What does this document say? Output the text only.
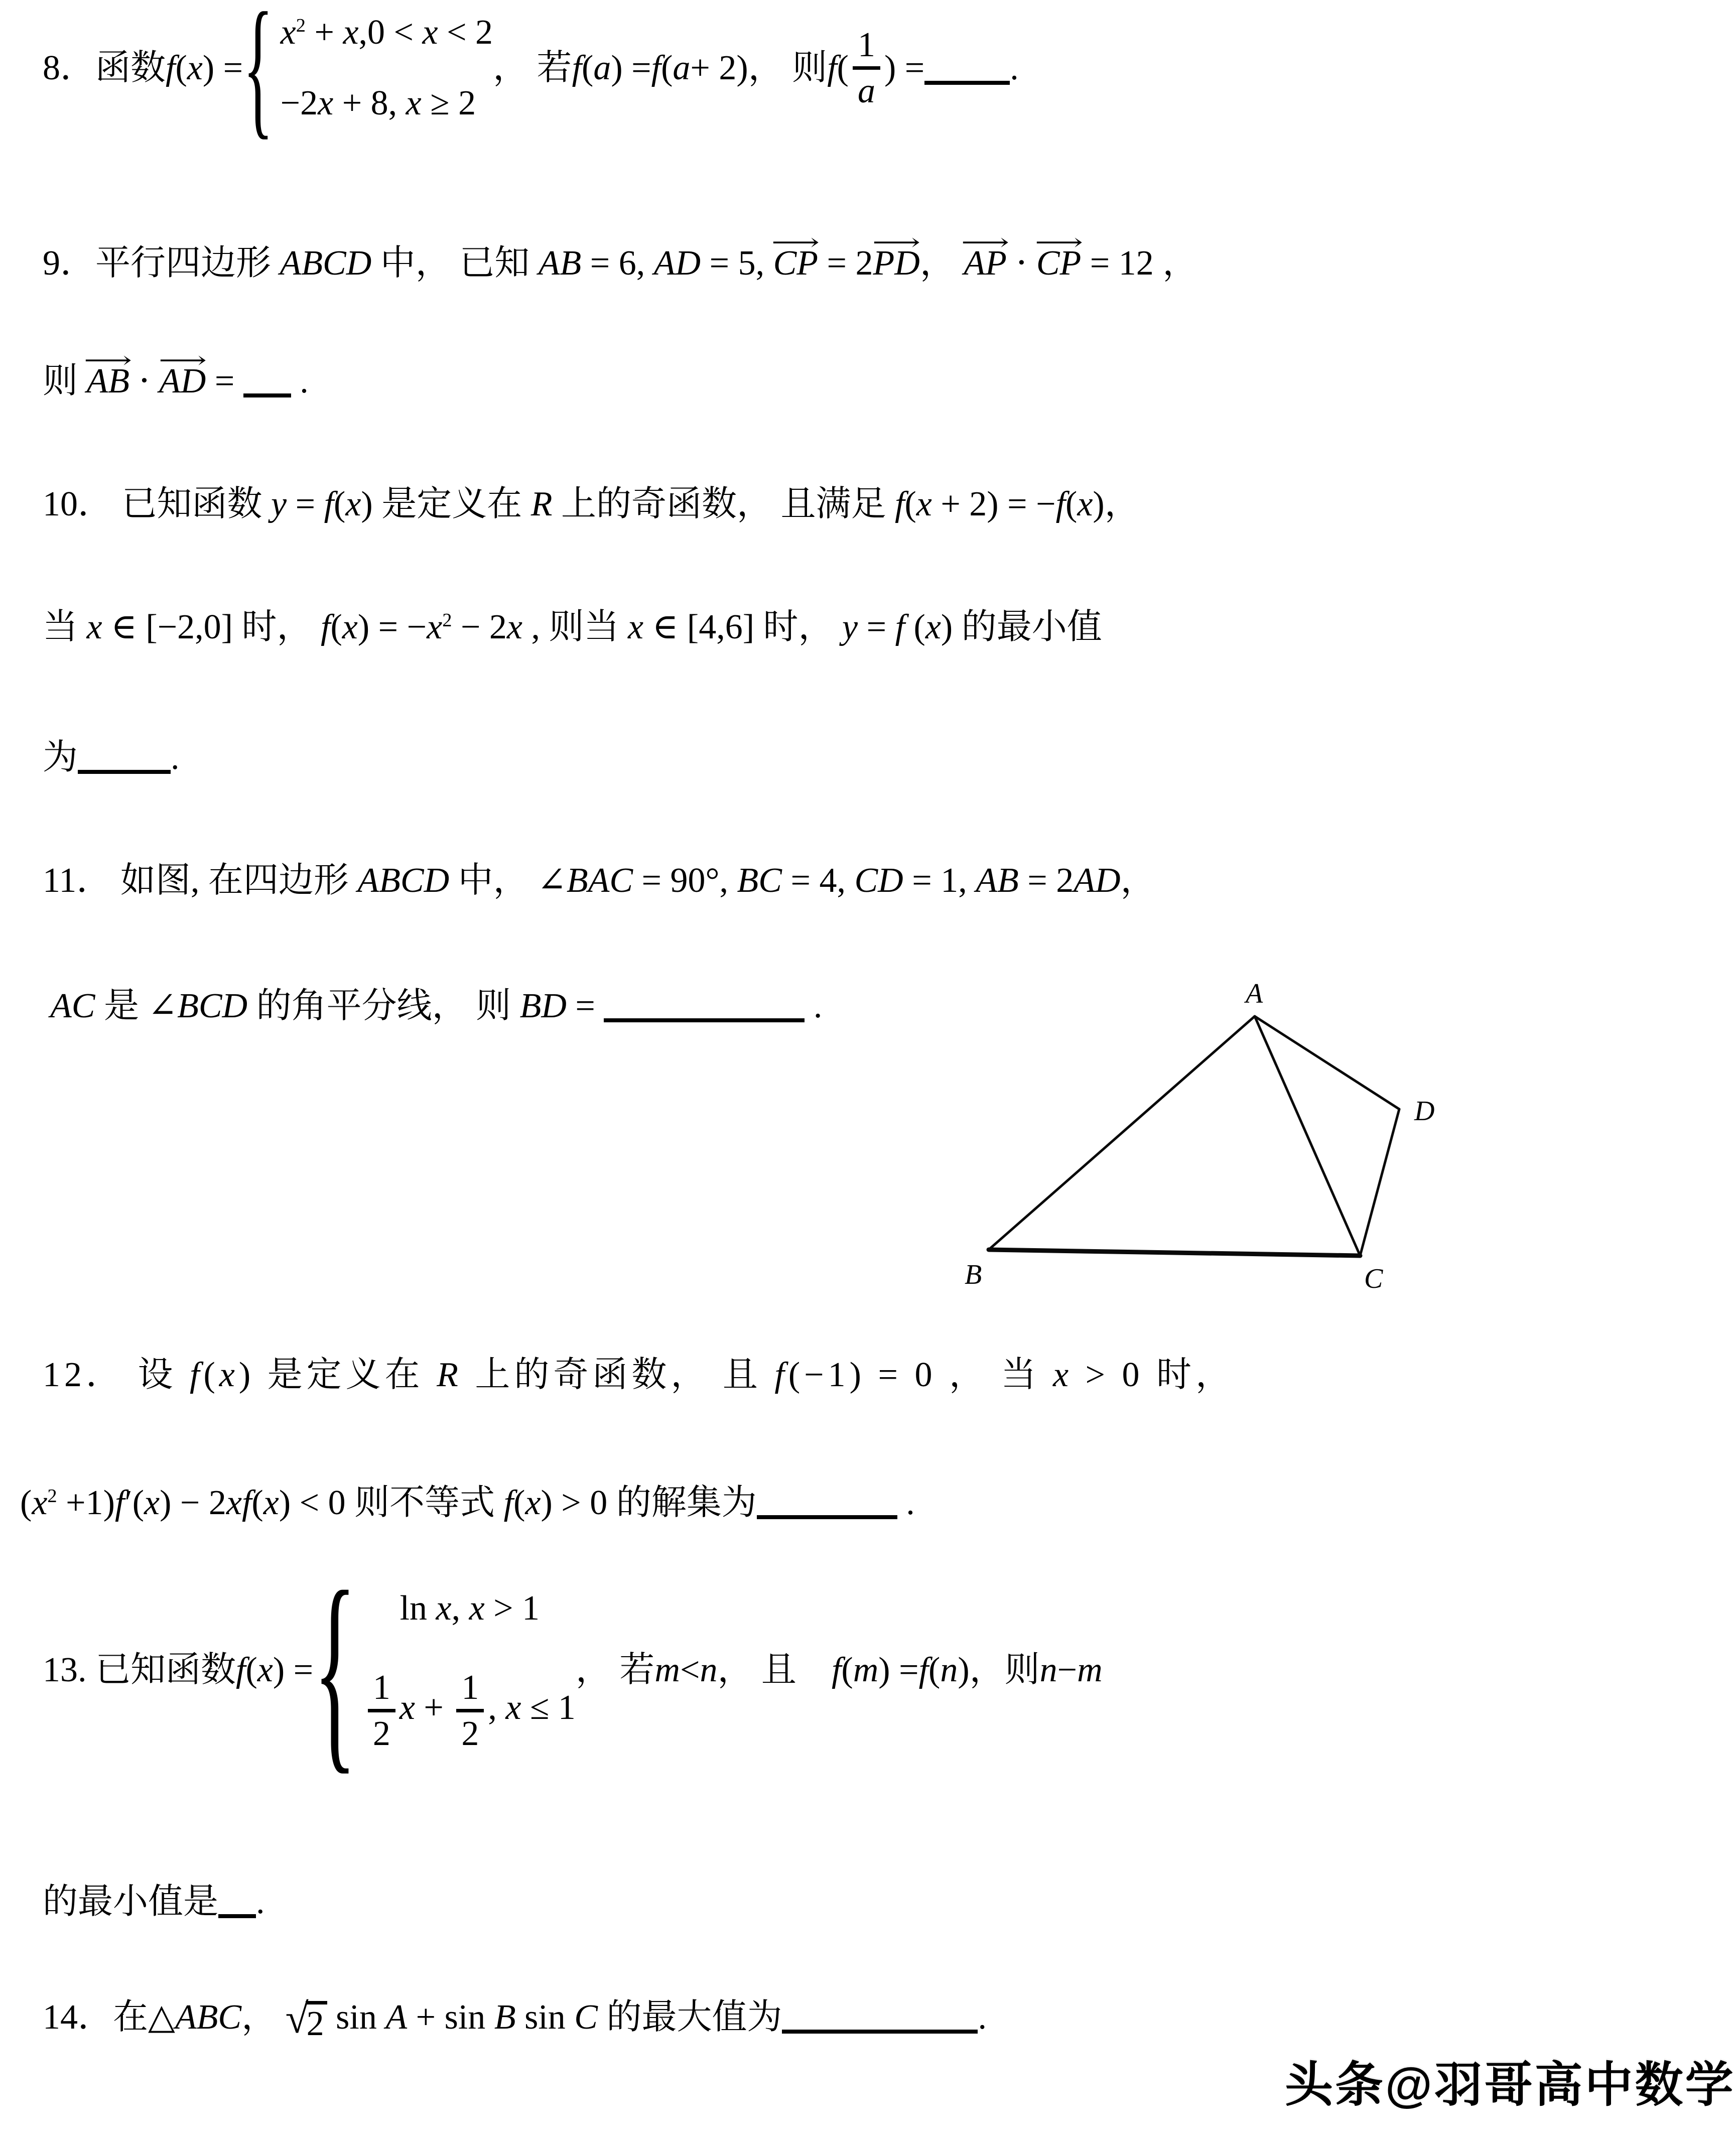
A
B	C
D
头条@羽哥高中数学
8．函数 f ( x ) = { $x^2 + x,0 < x < 2$
−2x + 8, x ≥ 2
， 若 f ( a ) = f ( a + 2) ， 则 f ( $\frac{1}{a}$ ) = .
9．平行四边形 ABCD 中， 已知 AB = 6, AD = 5, CP ⟶ = 2PD ⟶， AP ⟶ ⋅ CP ⟶ = 12 ，
则 AB ⟶ ⋅ AD ⟶ =  .
10． 已知函数 y = f(x) 是定义在 R 上的奇函数， 且满足 f(x + 2) = −f(x)，
当 x ∈ [−2,0] 时， $f(x) = -x^2 - 2x$ , 则当 x ∈ [4,6] 时， y = f (x) 的最小值
为	.
11． 如图, 在四边形 ABCD 中， ∠BAC = 90°, BC = 4, CD = 1, AB = 2AD，
AC 是 ∠BCD 的角平分线， 则 BD =	.
12． 设 f(x) 是定义在 R 上的奇函数， 且 f(−1) = 0 ， 当 x > 0 时，
$(x^2 +1)f'(x) - 2xf(x) < 0$ 则不等式 f(x) > 0 的解集为	.
13. 已知函数 f ( x ) = { ln x, x > 1
$\frac{1}{2}$ $x + \frac{1}{2}$ , x ≤ 1
， 若 m < n ， 且　 f ( m ) = f ( n )，则 n − m
的最小值是 .
14．在△ABC， √
2 sin A + sin B sin C 的最大值为	.
